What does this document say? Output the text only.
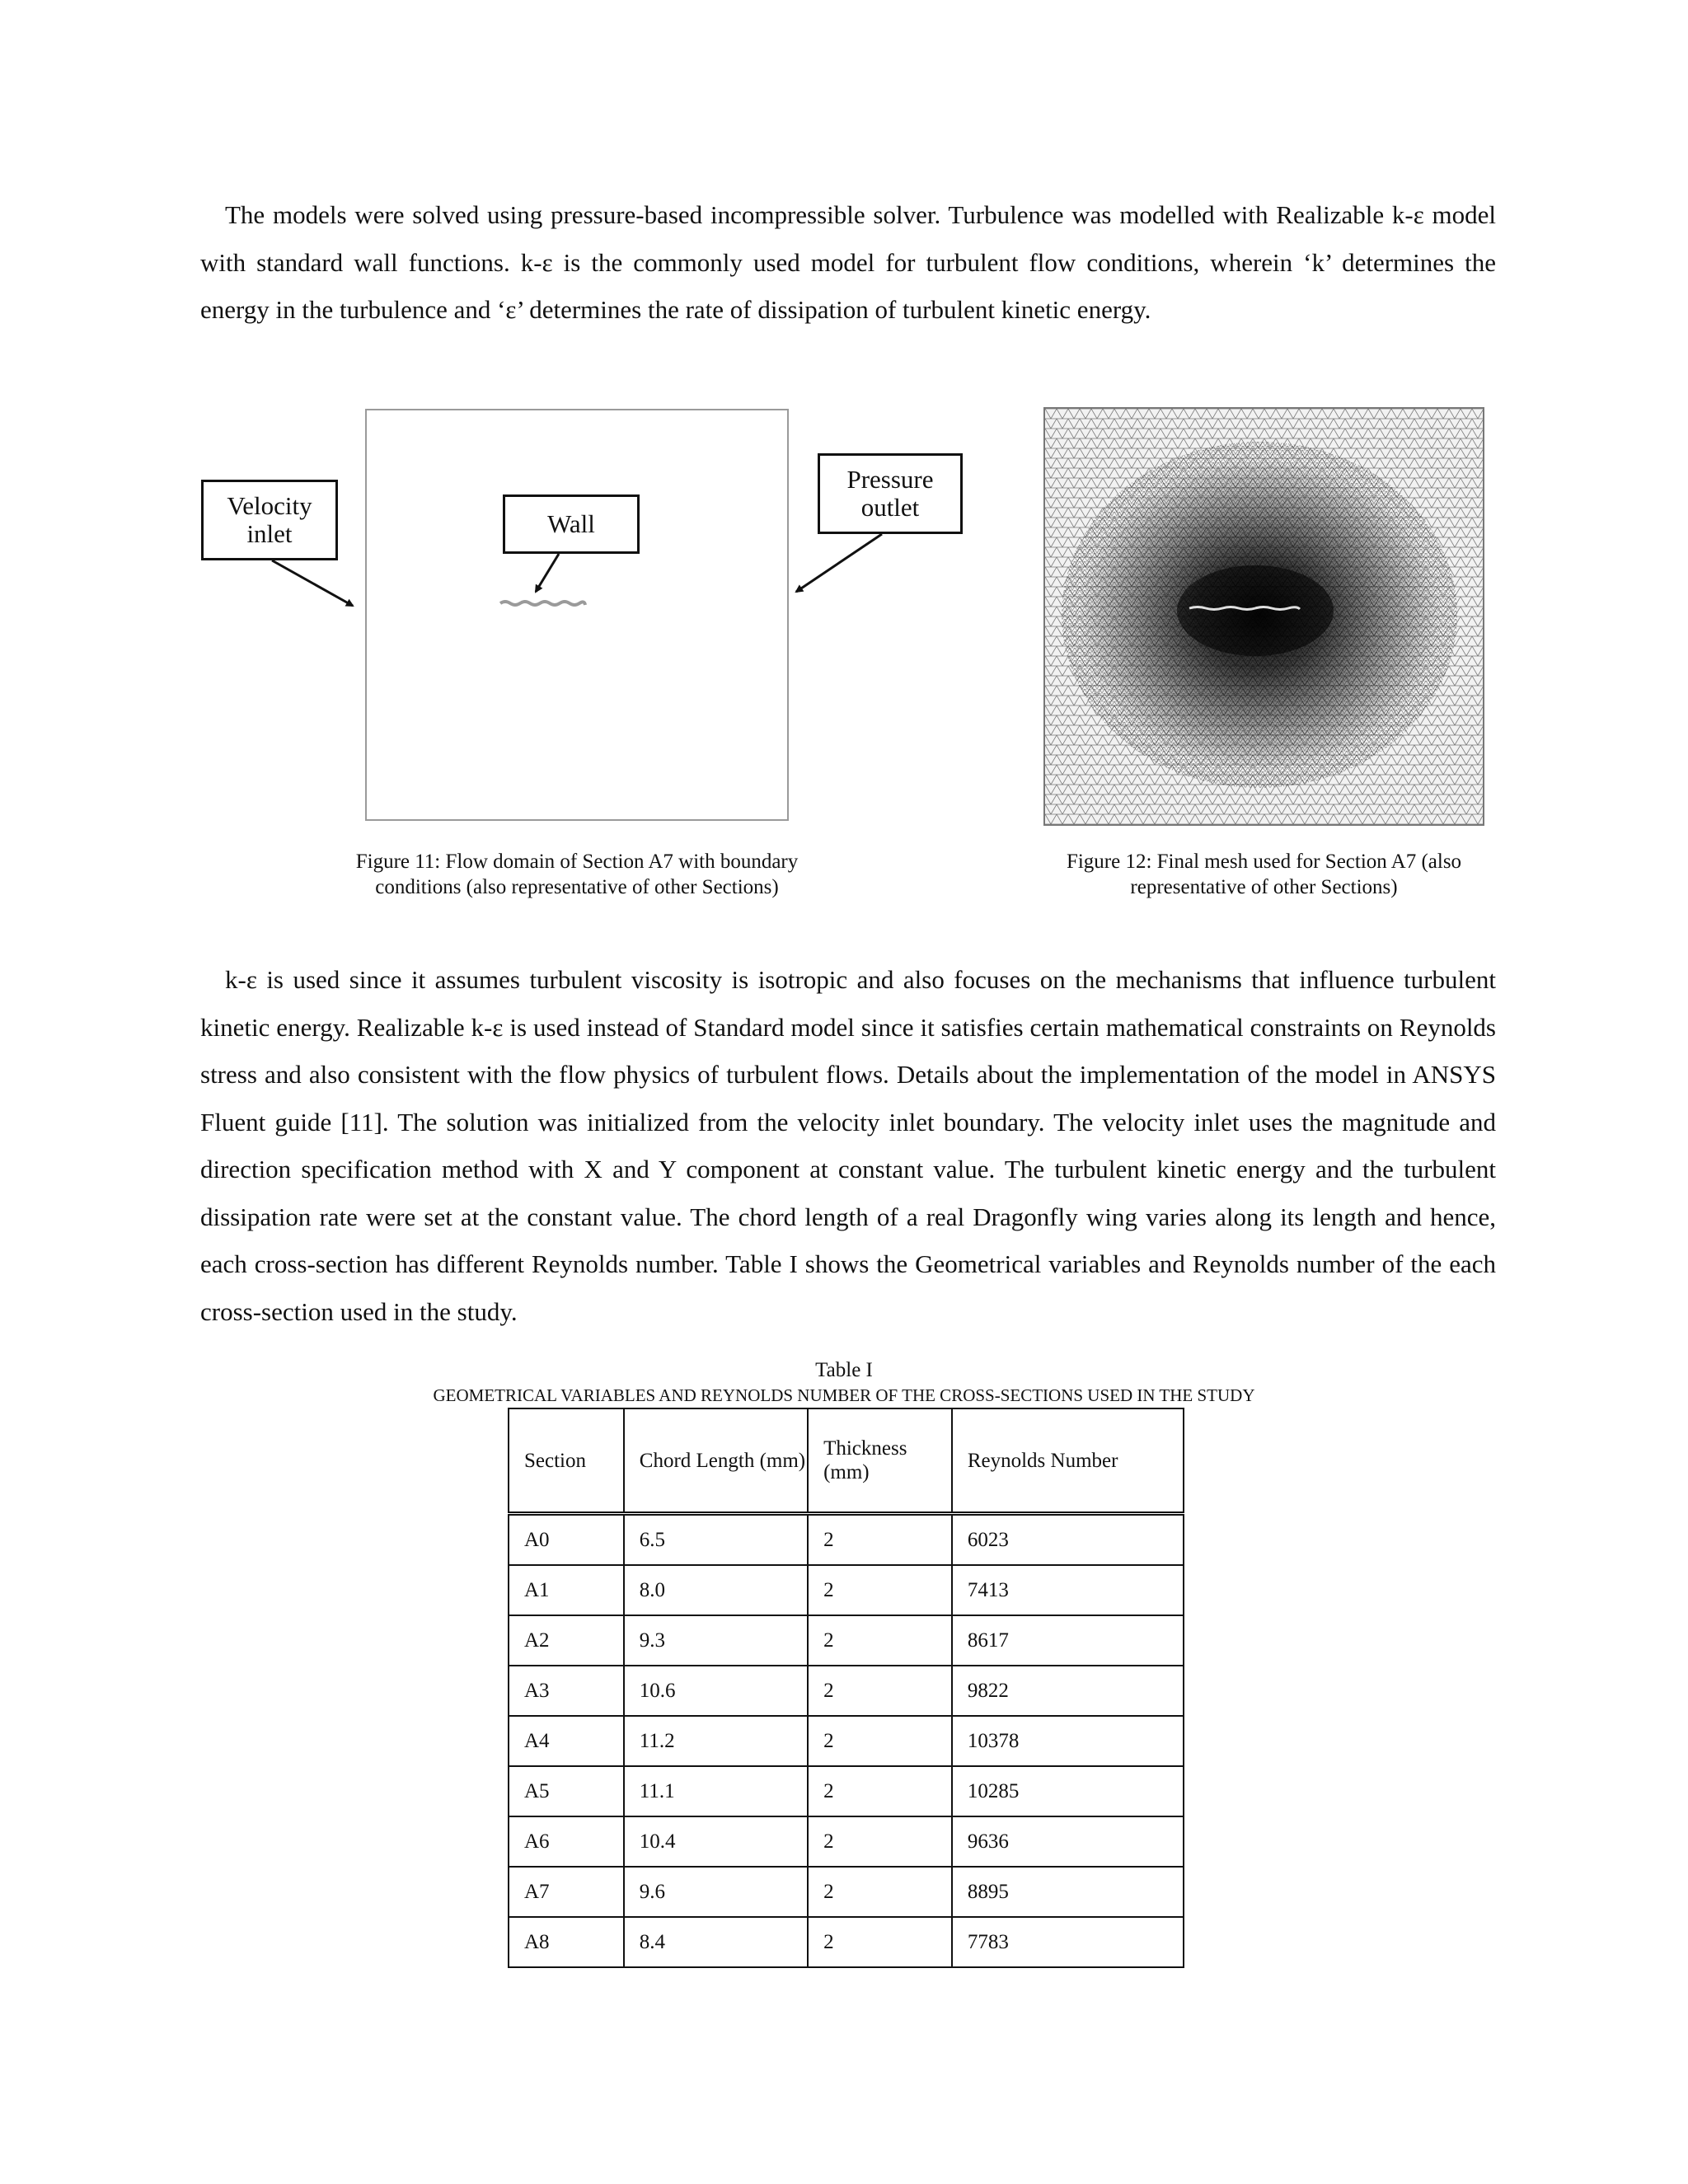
The models were solved using pressure-based incompressible solver. Turbulence was modelled with Realizable k-ε model with standard wall functions. k-ε is the commonly used model for turbulent flow conditions, wherein ‘k’ determines the energy in the turbulence and ‘ε’ determines the rate of dissipation of turbulent kinetic energy.

Velocity
inlet	Wall
Pressure
outlet

Figure 11: Flow domain of Section A7 with boundary conditions (also representative of other Sections)

Figure 12: Final mesh used for Section A7 (also representative of other Sections)

k-ε is used since it assumes turbulent viscosity is isotropic and also focuses on the mechanisms that influence turbulent kinetic energy. Realizable k-ε is used instead of Standard model since it satisfies certain mathematical constraints on Reynolds stress and also consistent with the flow physics of turbulent flows. Details about the implementation of the model in ANSYS Fluent guide [11]. The solution was initialized from the velocity inlet boundary. The velocity inlet uses the magnitude and direction specification method with X and Y component at constant value. The turbulent kinetic energy and the turbulent dissipation rate were set at the constant value. The chord length of a real Dragonfly wing varies along its length and hence, each cross-section has different Reynolds number. Table I shows the Geometrical variables and Reynolds number of the each cross-section used in the study.

Table I
GEOMETRICAL VARIABLES AND REYNOLDS NUMBER OF THE CROSS-SECTIONS USED IN THE STUDY
Section	Chord Length (mm)	Thickness (mm)	Reynolds Number
A0	6.5	2	6023
A1	8.0	2	7413
A2	9.3	2	8617
A3	10.6	2	9822
A4	11.2	2	10378
A5	11.1	2	10285
A6	10.4	2	9636
A7	9.6	2	8895
A8	8.4	2	7783
